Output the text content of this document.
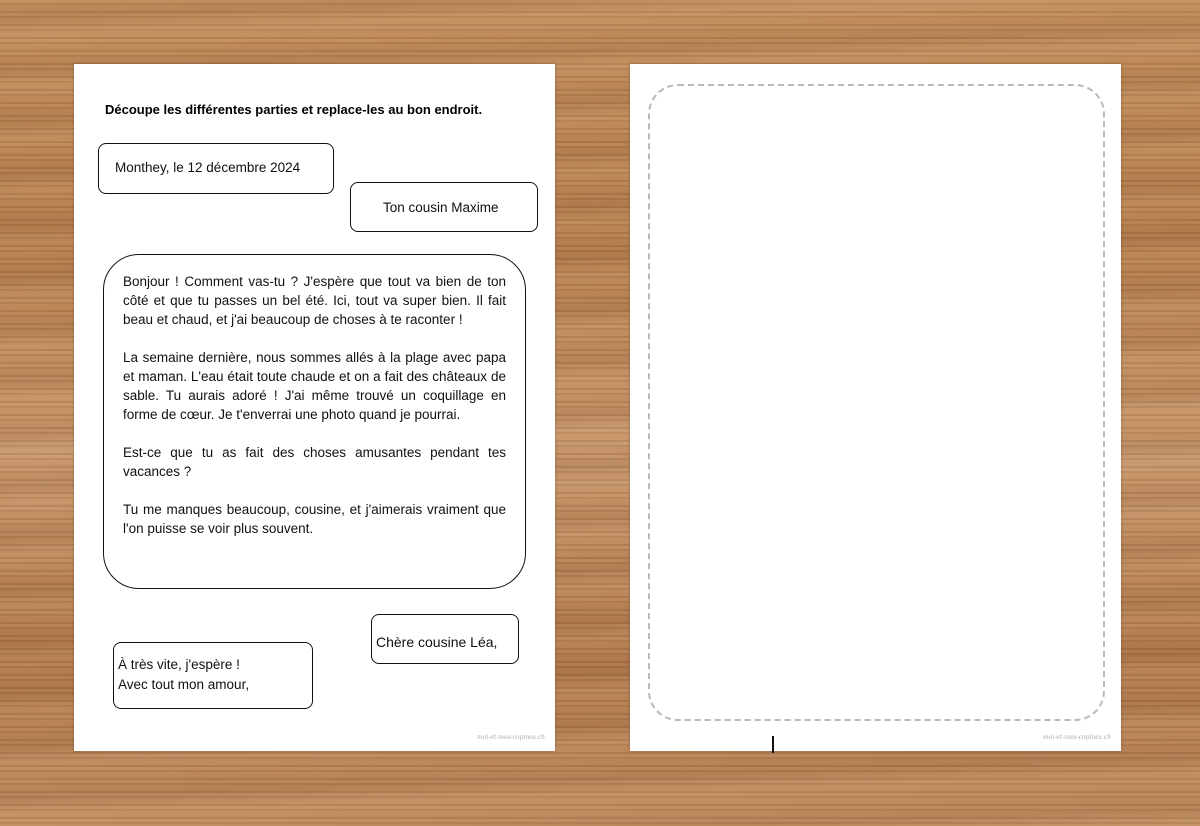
Découpe les différentes parties et replace-les au bon endroit.
Monthey, le 12 décembre 2024
Ton cousin Maxime

Bonjour ! Comment vas-tu ? J'espère que tout va bien de ton côté et que tu passes un bel été. Ici, tout va super bien. Il fait beau et chaud, et j'ai beaucoup de choses à te raconter !

La semaine dernière, nous sommes allés à la plage avec papa et maman. L'eau était toute chaude et on a fait des châteaux de sable. Tu aurais adoré ! J'ai même trouvé un coquillage en forme de cœur. Je t'enverrai une photo quand je pourrai.

Est-ce que tu as fait des choses amusantes pendant tes vacances ?

Tu me manques beaucoup, cousine, et j'aimerais vraiment que l'on puisse se voir plus souvent.

Chère cousine Léa,
À très vite, j'espère !
Avec tout mon amour,
moi-et-mes-copines.ch	moi-et-mes-copines.ch
